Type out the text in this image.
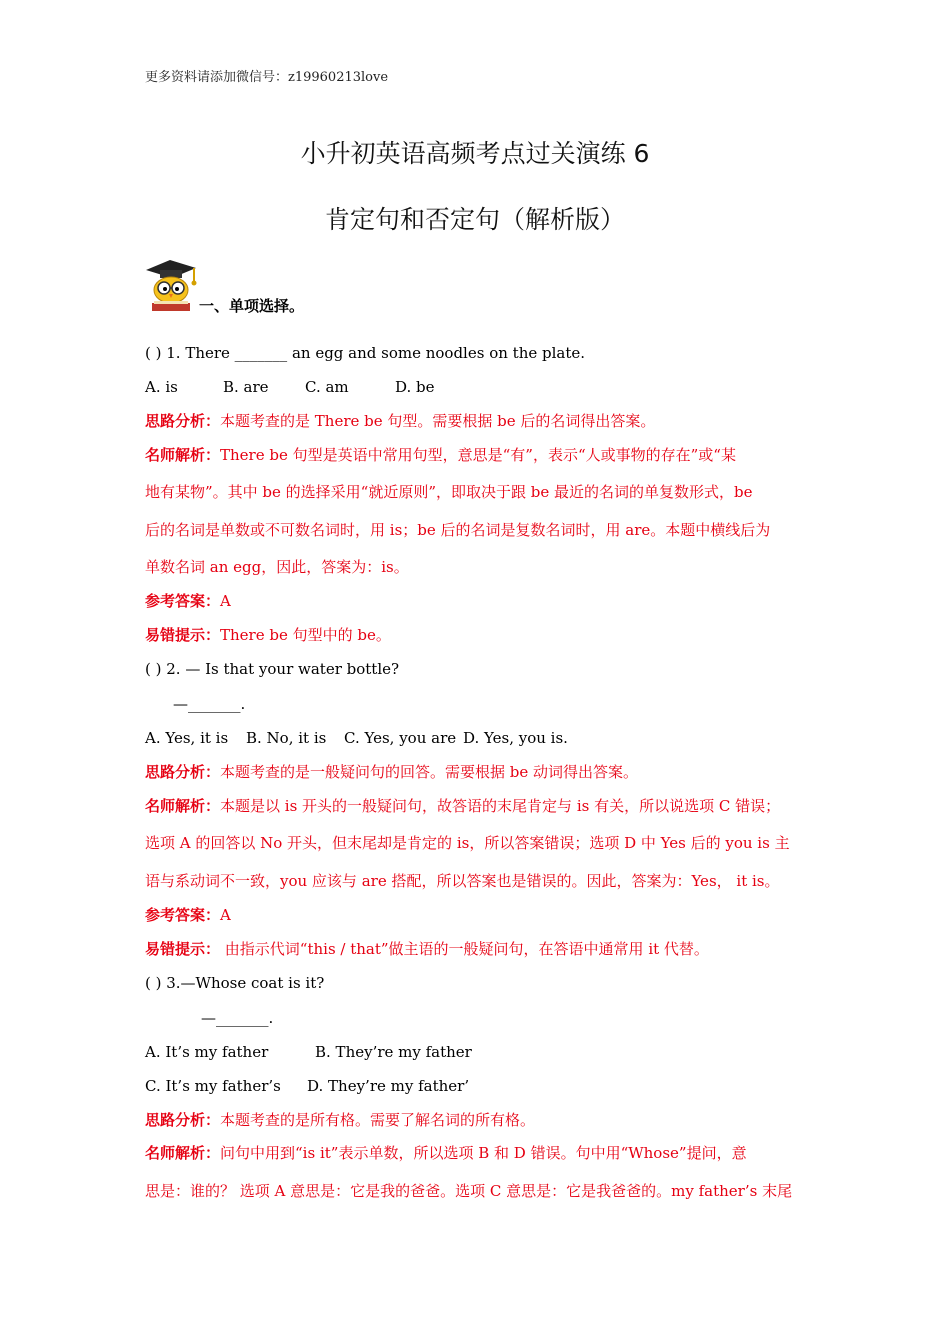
更多资料请添加微信号：z19960213love
小升初英语高频考点过关演练 6
肯定句和否定句（解析版）
一、单项选择。
( ) 1. There _______ an egg and some noodles on the plate.
A. is	B. are C. am	D. be
思路分析：本题考查的是 There be 句型。需要根据 be 后的名词得出答案。
名师解析：There be 句型是英语中常用句型，意思是“有”，表示“人或事物的存在”或“某
地有某物”。其中 be 的选择采用“就近原则”，即取决于跟 be 最近的名词的单复数形式，be
后的名词是单数或不可数名词时，用 is；be 后的名词是复数名词时，用 are。本题中横线后为
单数名词 an egg，因此，答案为：is。
参考答案：A
易错提示：There be 句型中的 be。
( ) 2. — Is that your water bottle?
—_______.
A. Yes, it is B. No, it is C. Yes, you are D. Yes, you is.
思路分析：本题考查的是一般疑问句的回答。需要根据 be 动词得出答案。
名师解析：本题是以 is 开头的一般疑问句，故答语的末尾肯定与 is 有关，所以说选项 C 错误；
选项 A 的回答以 No 开头，但末尾却是肯定的 is，所以答案错误；选项 D 中 Yes 后的 you is 主
语与系动词不一致，you 应该与 are 搭配，所以答案也是错误的。因此，答案为：Yes， it is。
参考答案：A
易错提示： 由指示代词“this / that”做主语的一般疑问句，在答语中通常用 it 代替。
( ) 3.—Whose coat is it?
—_______.
A. It’s my father	B. They’re my father
C. It’s my father’s D. They’re my father’
思路分析：本题考查的是所有格。需要了解名词的所有格。
名师解析：问句中用到“is it”表示单数，所以选项 B 和 D 错误。句中用“Whose”提问，意
思是：谁的？ 选项 A 意思是：它是我的爸爸。选项 C 意思是：它是我爸爸的。my father’s 末尾
